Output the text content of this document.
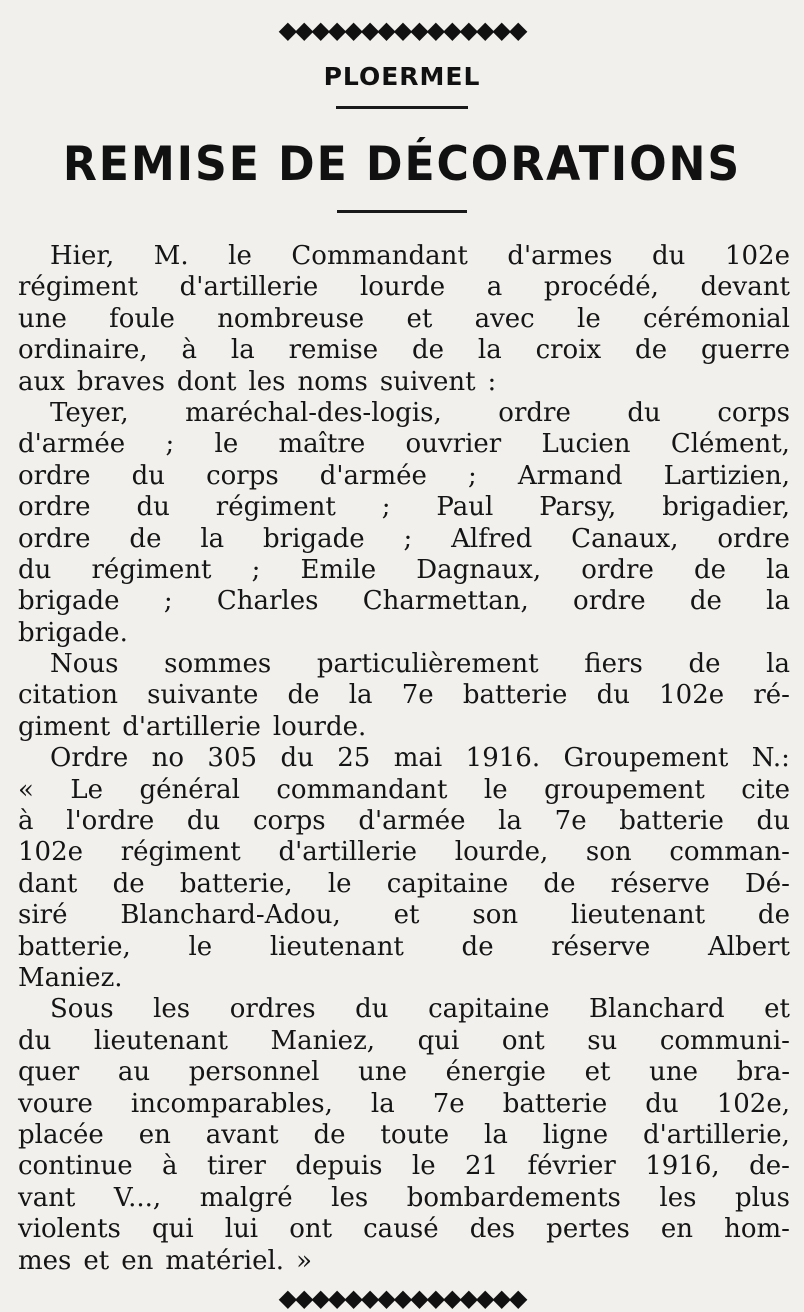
◆◆◆◆◆◆◆◆◆◆◆◆◆◆◆
PLOERMEL
REMISE DE DÉCORATIONS
Hier, M. le Commandant d'armes du 102e
régiment d'artillerie lourde a procédé, devant
une foule nombreuse et avec le cérémonial
ordinaire, à la remise de la croix de guerre
aux braves dont les noms suivent :
Teyer, maréchal-des-logis, ordre du corps
d'armée ; le maître ouvrier Lucien Clément,
ordre du corps d'armée ; Armand Lartizien,
ordre du régiment ; Paul Parsy, brigadier,
ordre de la brigade ; Alfred Canaux, ordre
du régiment ; Emile Dagnaux, ordre de la
brigade ; Charles Charmettan, ordre de la
brigade.
Nous sommes particulièrement fiers de la
citation suivante de la 7e batterie du 102e ré-
giment d'artillerie lourde.
Ordre no 305 du 25 mai 1916. Groupement N.:
« Le général commandant le groupement cite
à l'ordre du corps d'armée la 7e batterie du
102e régiment d'artillerie lourde, son comman-
dant de batterie, le capitaine de réserve Dé-
siré Blanchard-Adou, et son lieutenant de
batterie, le lieutenant de réserve Albert
Maniez.
Sous les ordres du capitaine Blanchard et
du lieutenant Maniez, qui ont su communi-
quer au personnel une énergie et une bra-
voure incomparables, la 7e batterie du 102e,
placée en avant de toute la ligne d'artillerie,
continue à tirer depuis le 21 février 1916, de-
vant V..., malgré les bombardements les plus
violents qui lui ont causé des pertes en hom-
mes et en matériel. »
◆◆◆◆◆◆◆◆◆◆◆◆◆◆◆
